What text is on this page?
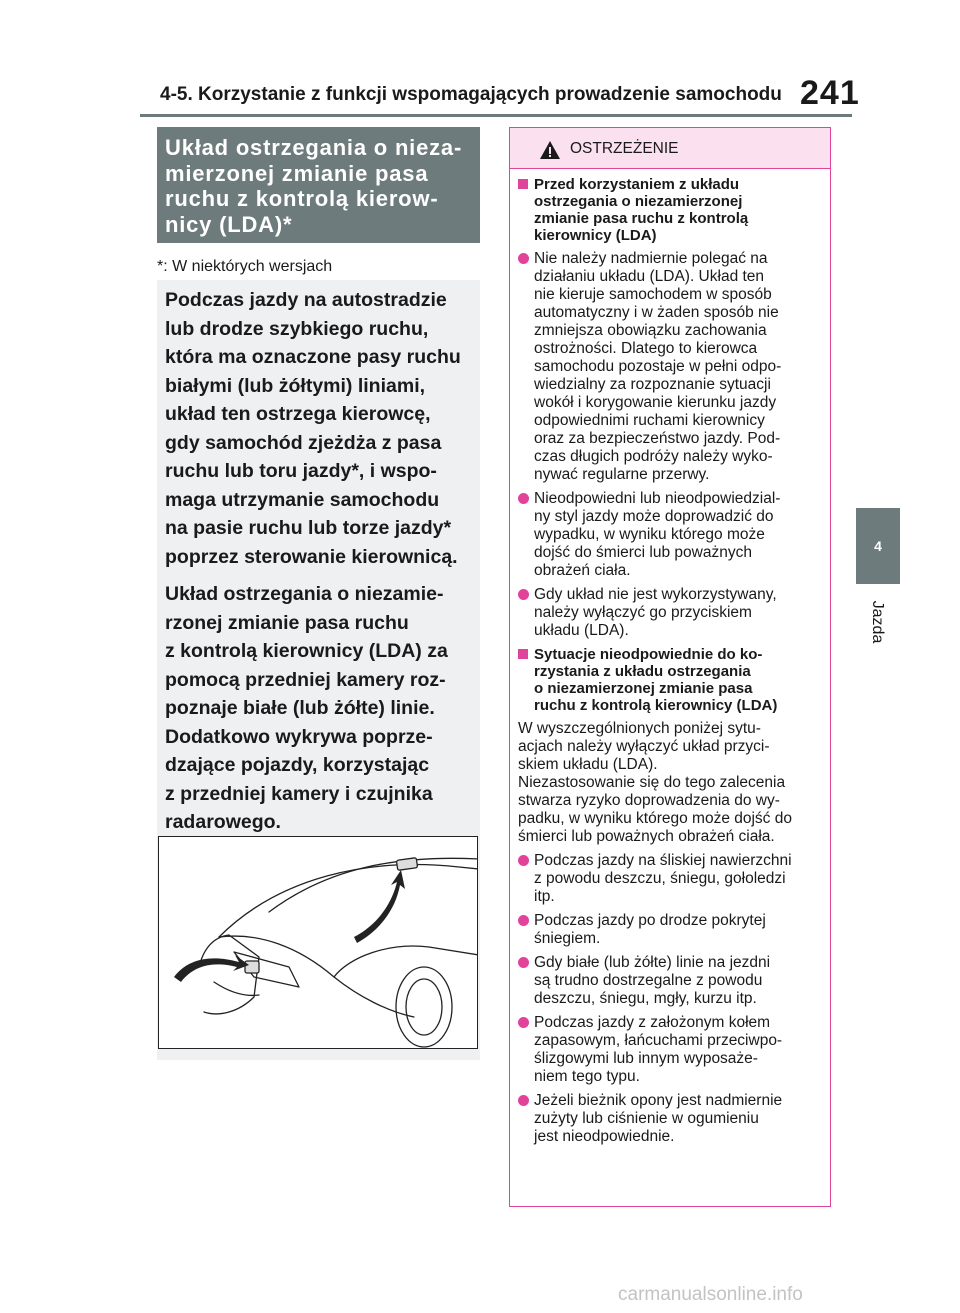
4-5. Korzystanie z funkcji wspomagających prowadzenie samochodu 241
4
Jazda
Układ ostrzegania o nieza-
mierzonej zmianie pasa
ruchu z kontrolą kierow-
nicy (LDA)*
*: W niektórych wersjach

Podczas jazdy na autostradzie
lub drodze szybkiego ruchu,
która ma oznaczone pasy ruchu
białymi (lub żółtymi) liniami,
układ ten ostrzega kierowcę,
gdy samochód zjeżdża z pasa
ruchu lub toru jazdy*, i wspo-
maga utrzymanie samochodu
na pasie ruchu lub torze jazdy*
poprzez sterowanie kierownicą.

Układ ostrzegania o niezamie-
rzonej zmianie pasa ruchu
z kontrolą kierownicy (LDA) za
pomocą przedniej kamery roz-
poznaje białe (lub żółte) linie.
Dodatkowo wykrywa poprze-
dzające pojazdy, korzystając
z przedniej kamery i czujnika
radarowego.

OSTRZEŻENIE
Przed korzystaniem z układu
ostrzegania o niezamierzonej
zmianie pasa ruchu z kontrolą
kierownicy (LDA)
Nie należy nadmiernie polegać na
działaniu układu (LDA). Układ ten
nie kieruje samochodem w sposób
automatyczny i w żaden sposób nie
zmniejsza obowiązku zachowania
ostrożności. Dlatego to kierowca
samochodu pozostaje w pełni odpo-
wiedzialny za rozpoznanie sytuacji
wokół i korygowanie kierunku jazdy
odpowiednimi ruchami kierownicy
oraz za bezpieczeństwo jazdy. Pod-
czas długich podróży należy wyko-
nywać regularne przerwy.
Nieodpowiedni lub nieodpowiedzial-
ny styl jazdy może doprowadzić do
wypadku, w wyniku którego może
dojść do śmierci lub poważnych
obrażeń ciała.
Gdy układ nie jest wykorzystywany,
należy wyłączyć go przyciskiem
układu (LDA).
Sytuacje nieodpowiednie do ko-
rzystania z układu ostrzegania
o niezamierzonej zmianie pasa
ruchu z kontrolą kierownicy (LDA)
W wyszczególnionych poniżej sytu-
acjach należy wyłączyć układ przyci-
skiem układu (LDA).
Niezastosowanie się do tego zalecenia
stwarza ryzyko doprowadzenia do wy-
padku, w wyniku którego może dojść do
śmierci lub poważnych obrażeń ciała.
Podczas jazdy na śliskiej nawierzchni
z powodu deszczu, śniegu, gołoledzi
itp.
Podczas jazdy po drodze pokrytej
śniegiem.
Gdy białe (lub żółte) linie na jezdni
są trudno dostrzegalne z powodu
deszczu, śniegu, mgły, kurzu itp.
Podczas jazdy z założonym kołem
zapasowym, łańcuchami przeciwpo-
ślizgowymi lub innym wyposaże-
niem tego typu.
Jeżeli bieżnik opony jest nadmiernie
zużyty lub ciśnienie w ogumieniu
jest nieodpowiednie.
carmanualsonline.info
